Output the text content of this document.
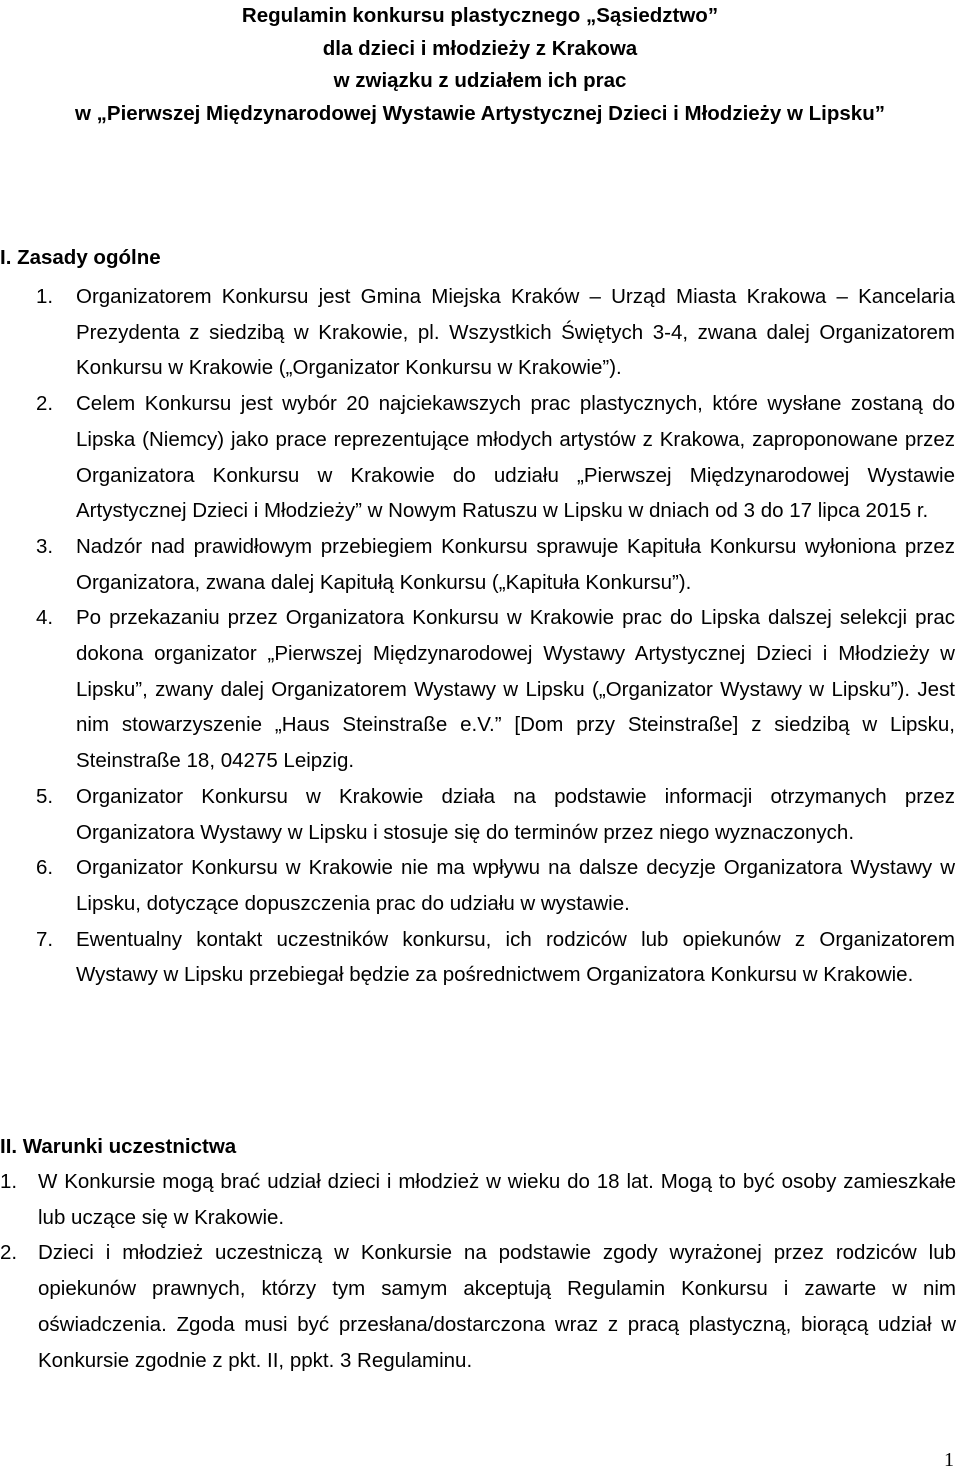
Regulamin konkursu plastycznego „Sąsiedztwo”
dla dzieci i młodzieży z Krakowa
w związku z udziałem ich prac
w „Pierwszej Międzynarodowej Wystawie Artystycznej Dzieci i Młodzieży w Lipsku”
I. Zasady ogólne
1. Organizatorem Konkursu jest Gmina Miejska Kraków – Urząd Miasta Krakowa – Kancelaria Prezydenta z siedzibą w Krakowie, pl. Wszystkich Świętych 3-4, zwana dalej Organizatorem Konkursu w Krakowie („Organizator Konkursu w Krakowie”).
2. Celem Konkursu jest wybór 20 najciekawszych prac plastycznych, które wysłane zostaną do Lipska (Niemcy) jako prace reprezentujące młodych artystów z Krakowa, zaproponowane przez Organizatora Konkursu w Krakowie do udziału „Pierwszej Międzynarodowej Wystawie Artystycznej Dzieci i Młodzieży” w Nowym Ratuszu w Lipsku w dniach od 3 do 17 lipca 2015 r.
3. Nadzór nad prawidłowym przebiegiem Konkursu sprawuje Kapituła Konkursu wyłoniona przez Organizatora, zwana dalej Kapitułą Konkursu („Kapituła Konkursu”).
4. Po przekazaniu przez Organizatora Konkursu w Krakowie prac do Lipska dalszej selekcji prac dokona organizator „Pierwszej Międzynarodowej Wystawy Artystycznej Dzieci i Młodzieży w Lipsku”, zwany dalej Organizatorem Wystawy w Lipsku („Organizator Wystawy w Lipsku”). Jest nim stowarzyszenie „Haus Steinstraße e.V.” [Dom przy Steinstraße] z siedzibą w Lipsku, Steinstraße 18, 04275 Leipzig.
5. Organizator Konkursu w Krakowie działa na podstawie informacji otrzymanych przez Organizatora Wystawy w Lipsku i stosuje się do terminów przez niego wyznaczonych.
6. Organizator Konkursu w Krakowie nie ma wpływu na dalsze decyzje Organizatora Wystawy w Lipsku, dotyczące dopuszczenia prac do udziału w wystawie.
7. Ewentualny kontakt uczestników konkursu, ich rodziców lub opiekunów z Organizatorem Wystawy w Lipsku przebiegał będzie za pośrednictwem Organizatora Konkursu w Krakowie.
II. Warunki uczestnictwa
1. W Konkursie mogą brać udział dzieci i młodzież w wieku do 18 lat. Mogą to być osoby zamieszkałe lub uczące się w Krakowie.
2. Dzieci i młodzież uczestniczą w Konkursie na podstawie zgody wyrażonej przez rodziców lub opiekunów prawnych, którzy tym samym akceptują Regulamin Konkursu i zawarte w nim oświadczenia. Zgoda musi być przesłana/dostarczona wraz z pracą plastyczną, biorącą udział w Konkursie zgodnie z pkt. II, ppkt. 3 Regulaminu.
1
